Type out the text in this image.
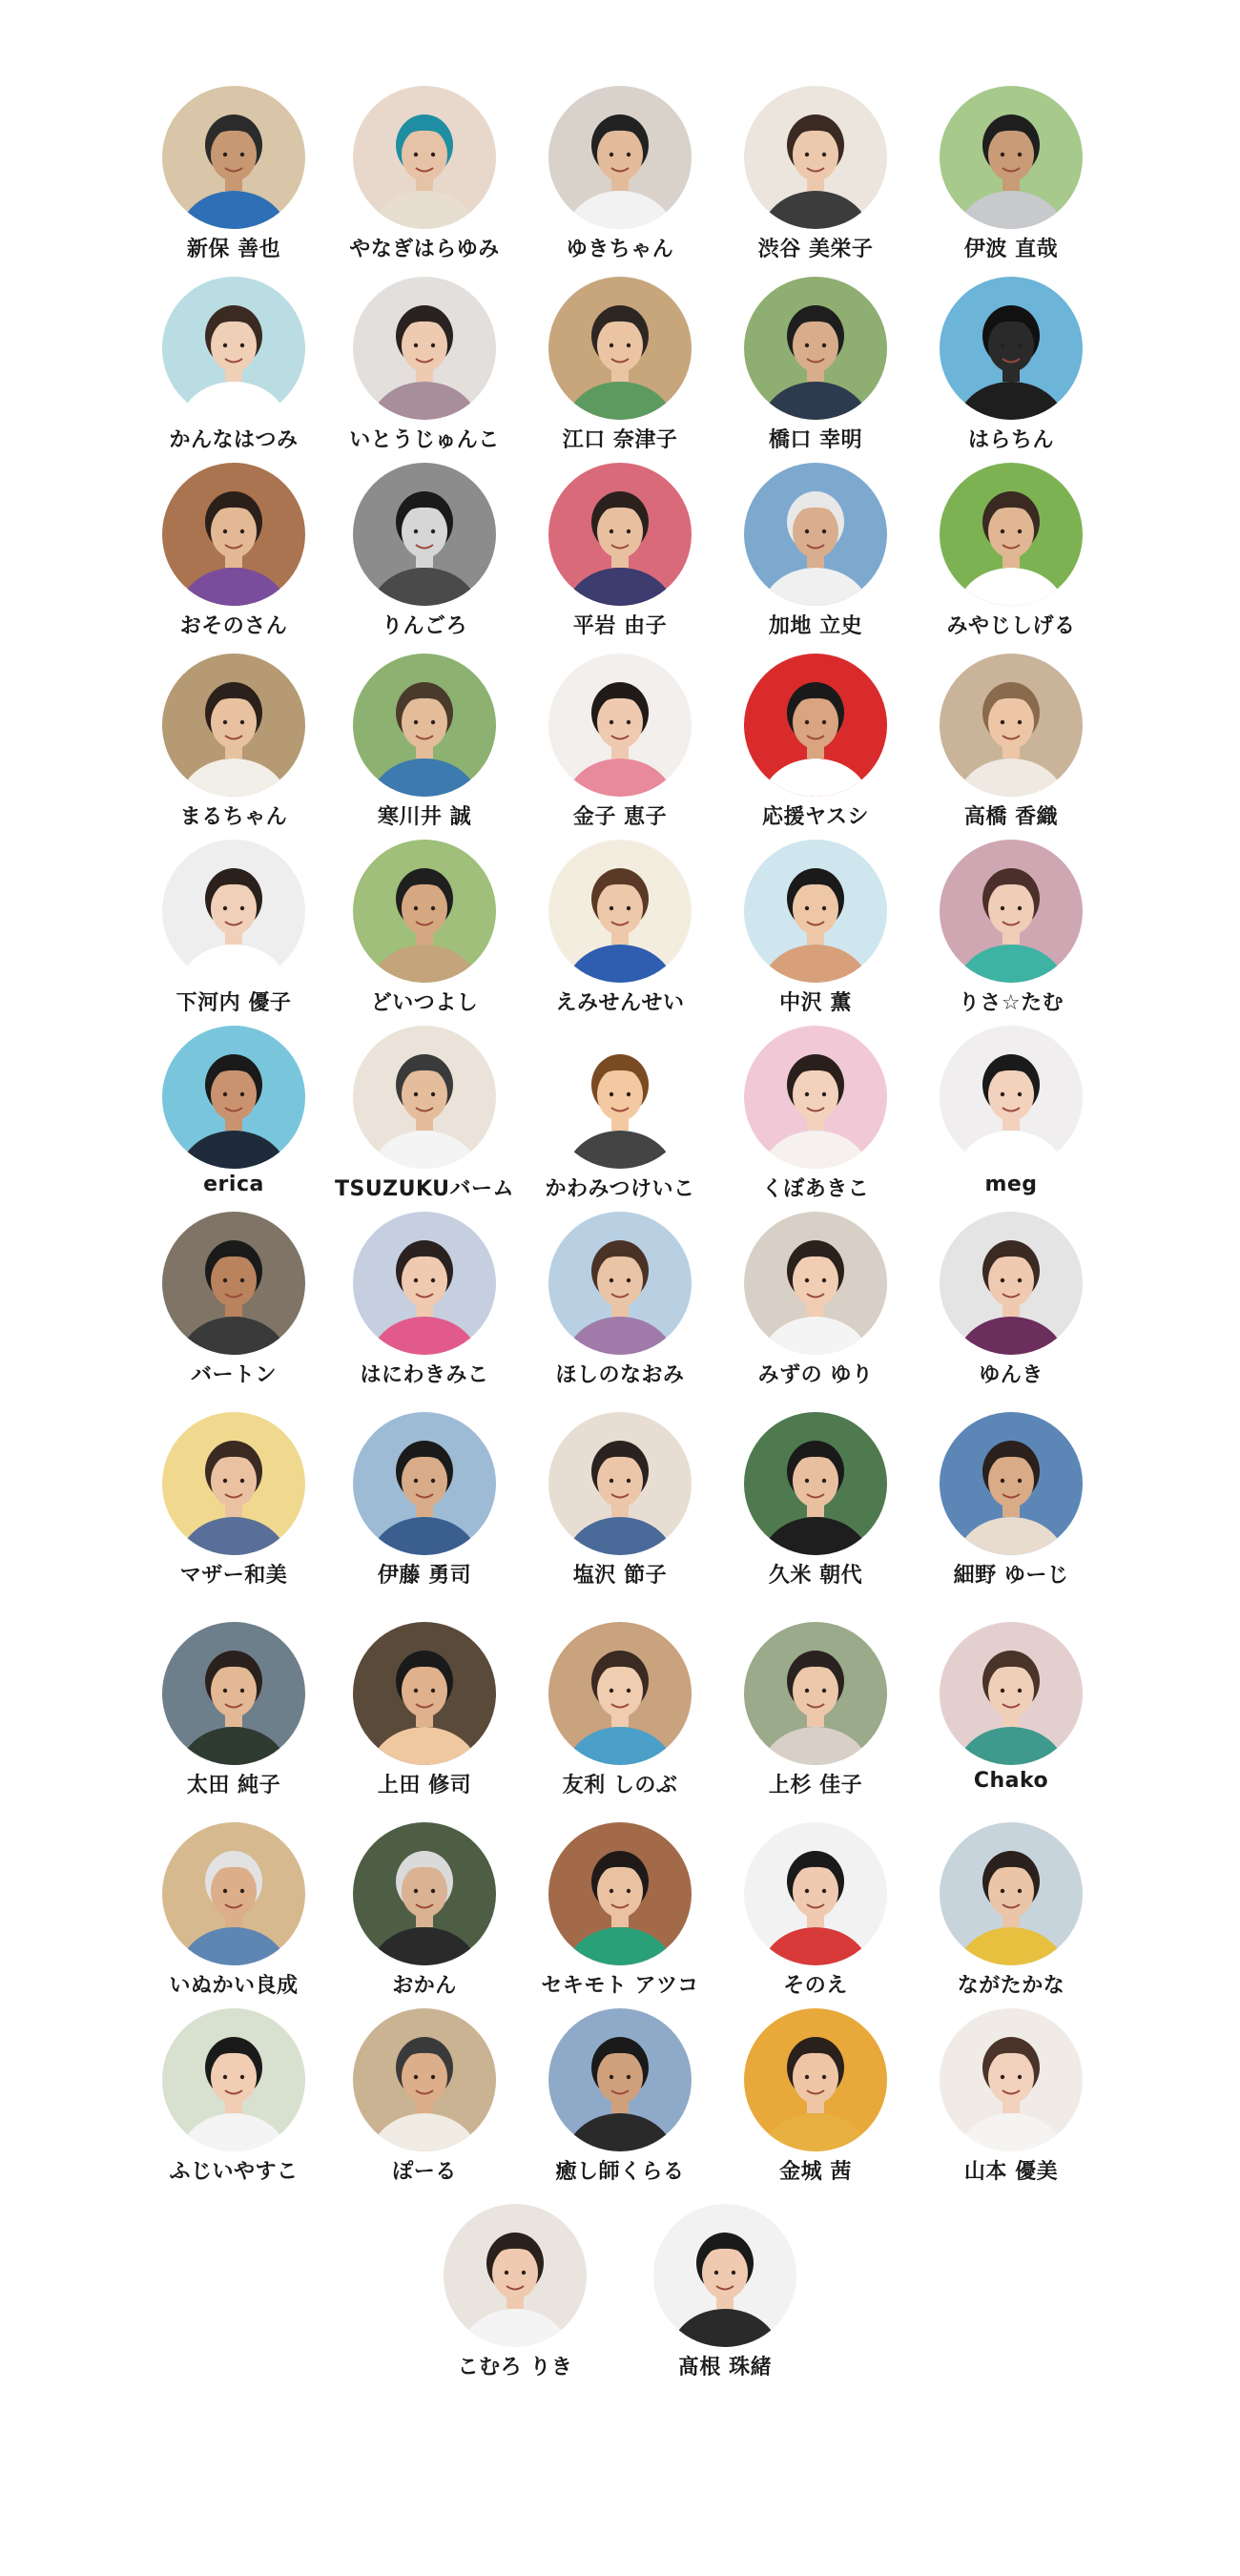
新保 善也	やなぎはらゆみ	ゆきちゃん	渋谷 美栄子	伊波 直哉
かんなはつみ	いとうじゅんこ	江口 奈津子	橋口 幸明	はらちん
おそのさん	りんごろ	平岩 由子	加地 立史	みやじしげる
まるちゃん	寒川井 誠	金子 恵子	応援ヤスシ	高橋 香織
下河内 優子	どいつよし	えみせんせい	中沢 薫	りさ☆たむ
erica	TSUZUKUバーム	かわみつけいこ	くぼあきこ	meg
バートン	はにわきみこ	ほしのなおみ	みずの ゆり	ゆんき
マザー和美	伊藤 勇司	塩沢 節子	久米 朝代	細野 ゆーじ
太田 純子	上田 修司	友利 しのぶ	上杉 佳子	Chako
いぬかい良成	おかん	セキモト アツコ	そのえ	ながたかな
ふじいやすこ	ぽーる	癒し師くらる	金城 茜	山本 優美
こむろ りき	髙根 珠緒
